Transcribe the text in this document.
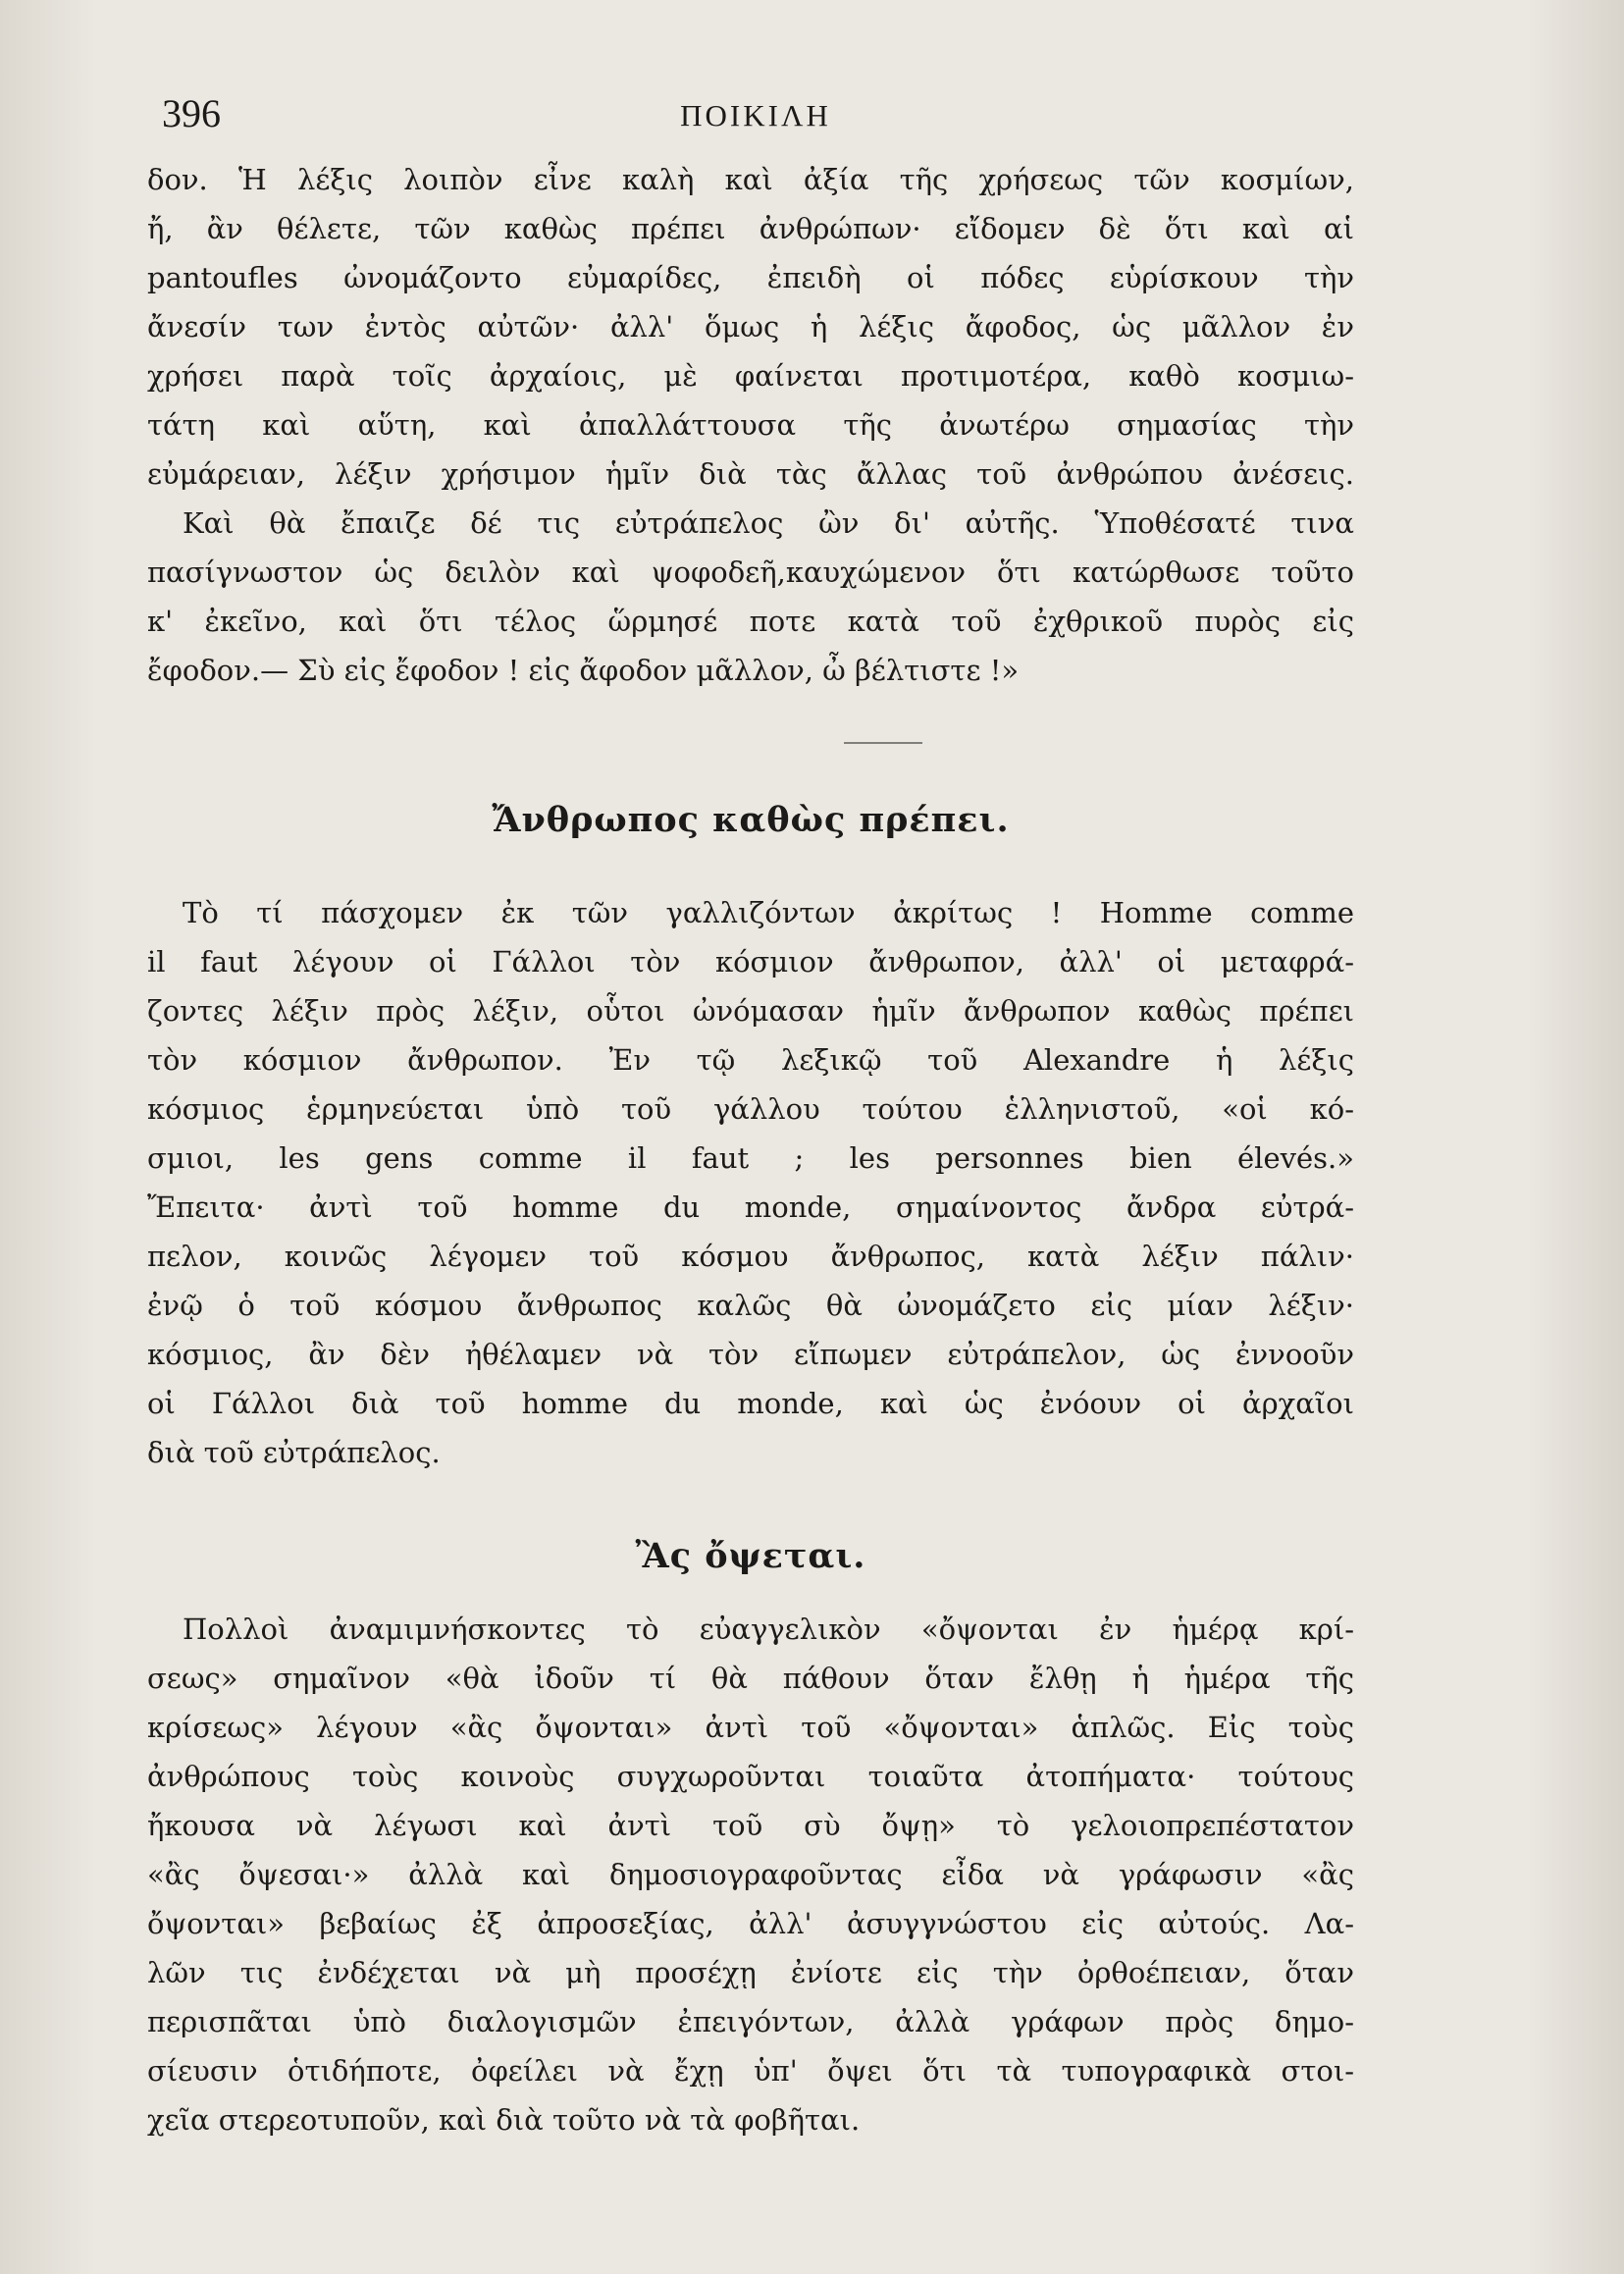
396	ΠΟΙΚΙΛΗ
δον. Ἡ λέξις λοιπὸν εἶνε καλὴ καὶ ἀξία τῆς χρήσεως τῶν κοσμίων,
ἤ, ἂν θέλετε, τῶν καθὼς πρέπει ἀνθρώπων· εἴδομεν δὲ ὅτι καὶ αἱ
pantoufles ὠνομάζοντο εὐμαρίδες, ἐπειδὴ οἱ πόδες εὑρίσκουν τὴν
ἄνεσίν των ἐντὸς αὐτῶν· ἀλλ' ὅμως ἡ λέξις ἄφοδος, ὡς μᾶλλον ἐν
χρήσει παρὰ τοῖς ἀρχαίοις, μὲ φαίνεται προτιμοτέρα, καθὸ κοσμιω-
τάτη καὶ αὕτη, καὶ ἀπαλλάττουσα τῆς ἀνωτέρω σημασίας τὴν
εὐμάρειαν, λέξιν χρήσιμον ἡμῖν διὰ τὰς ἄλλας τοῦ ἀνθρώπου ἀνέσεις.
Καὶ θὰ ἔπαιζε δέ τις εὐτράπελος ὢν δι' αὐτῆς. Ὑποθέσατέ τινα
πασίγνωστον ὡς δειλὸν καὶ ψοφοδεῆ,καυχώμενον ὅτι κατώρθωσε τοῦτο
κ' ἐκεῖνο, καὶ ὅτι τέλος ὥρμησέ ποτε κατὰ τοῦ ἐχθρικοῦ πυρὸς εἰς
ἔφοδον.— Σὺ εἰς ἔφοδον ! εἰς ἄφοδον μᾶλλον, ὦ βέλτιστε !»
Ἄνθρωπος καθὼς πρέπει.
Τὸ τί πάσχομεν ἐκ τῶν γαλλιζόντων ἀκρίτως ! Homme comme
il faut λέγουν οἱ Γάλλοι τὸν κόσμιον ἄνθρωπον, ἀλλ' οἱ μεταφρά-
ζοντες λέξιν πρὸς λέξιν, οὗτοι ὠνόμασαν ἡμῖν ἄνθρωπον καθὼς πρέπει
τὸν κόσμιον ἄνθρωπον. Ἐν τῷ λεξικῷ τοῦ Alexandre ἡ λέξις
κόσμιος ἑρμηνεύεται ὑπὸ τοῦ γάλλου τούτου ἑλληνιστοῦ, «οἱ κό-
σμιοι, les gens comme il faut ; les personnes bien élevés.»
Ἔπειτα· ἀντὶ τοῦ homme du monde, σημαίνοντος ἄνδρα εὐτρά-
πελον, κοινῶς λέγομεν τοῦ κόσμου ἄνθρωπος, κατὰ λέξιν πάλιν·
ἐνῷ ὁ τοῦ κόσμου ἄνθρωπος καλῶς θὰ ὠνομάζετο εἰς μίαν λέξιν·
κόσμιος, ἂν δὲν ἠθέλαμεν νὰ τὸν εἴπωμεν εὐτράπελον, ὡς ἐννοοῦν
οἱ Γάλλοι διὰ τοῦ homme du monde, καὶ ὡς ἐνόουν οἱ ἀρχαῖοι
διὰ τοῦ εὐτράπελος.
Ἂς ὄψεται.
Πολλοὶ ἀναμιμνήσκοντες τὸ εὐαγγελικὸν «ὄψονται ἐν ἡμέρᾳ κρί-
σεως» σημαῖνον «θὰ ἰδοῦν τί θὰ πάθουν ὅταν ἔλθῃ ἡ ἡμέρα τῆς
κρίσεως» λέγουν «ἂς ὄψονται» ἀντὶ τοῦ «ὄψονται» ἁπλῶς. Εἰς τοὺς
ἀνθρώπους τοὺς κοινοὺς συγχωροῦνται τοιαῦτα ἀτοπήματα· τούτους
ἤκουσα νὰ λέγωσι καὶ ἀντὶ τοῦ σὺ ὄψῃ» τὸ γελοιοπρεπέστατον
«ἂς ὄψεσαι·» ἀλλὰ καὶ δημοσιογραφοῦντας εἶδα νὰ γράφωσιν «ἂς
ὄψονται» βεβαίως ἐξ ἀπροσεξίας, ἀλλ' ἀσυγγνώστου εἰς αὐτούς. Λα-
λῶν τις ἐνδέχεται νὰ μὴ προσέχῃ ἐνίοτε εἰς τὴν ὀρθοέπειαν, ὅταν
περισπᾶται ὑπὸ διαλογισμῶν ἐπειγόντων, ἀλλὰ γράφων πρὸς δημο-
σίευσιν ὁτιδήποτε, ὀφείλει νὰ ἔχῃ ὑπ' ὄψει ὅτι τὰ τυπογραφικὰ στοι-
χεῖα στερεοτυποῦν, καὶ διὰ τοῦτο νὰ τὰ φοβῆται.
